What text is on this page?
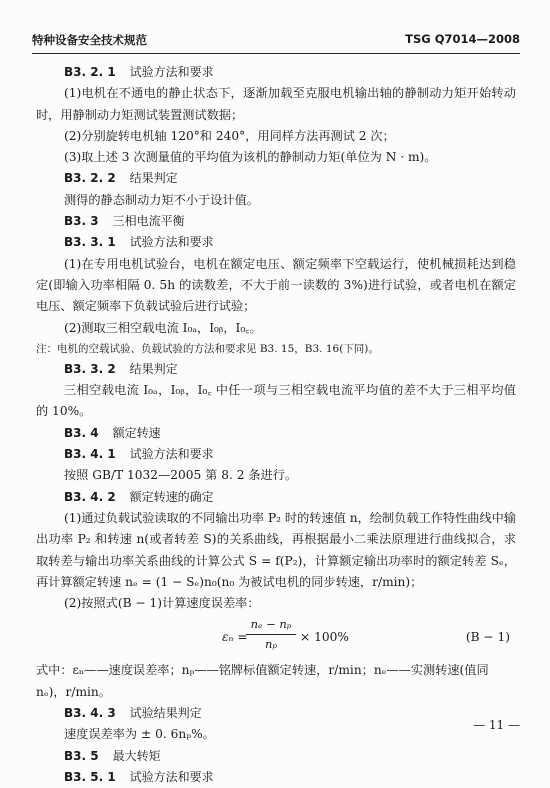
特种设备安全技术规范	TSG Q7014—2008
B3. 2. 1 试验方法和要求
(1)电机在不通电的静止状态下，逐渐加载至克服电机输出轴的静制动力矩开始转动时，用静制动力矩测试装置测试数据；
(2)分别旋转电机轴 120°和 240°，用同样方法再测试 2 次；
(3)取上述 3 次测量值的平均值为该机的静制动力矩(单位为 N · m)。
B3. 2. 2 结果判定
测得的静态制动力矩不小于设计值。
B3. 3 三相电流平衡
B3. 3. 1 试验方法和要求
(1)在专用电机试验台，电机在额定电压、额定频率下空载运行，使机械损耗达到稳定(即输入功率相隔 0. 5h 的读数差，不大于前一读数的 3%)进行试验，或者电机在额定电压、额定频率下负载试验后进行试验；
(2)测取三相空载电流 I₀ₐ，I₀ᵦ，I₀꜀。
注：电机的空载试验、负载试验的方法和要求见 B3. 15，B3. 16(下同)。
B3. 3. 2 结果判定
三相空载电流 I₀ₐ，I₀ᵦ，I₀꜀ 中任一项与三相空载电流平均值的差不大于三相平均值的 10%。
B3. 4 额定转速
B3. 4. 1 试验方法和要求
按照 GB/T 1032—2005 第 8. 2 条进行。
B3. 4. 2 额定转速的确定
(1)通过负载试验读取的不同输出功率 P₂ 时的转速值 n，绘制负载工作特性曲线中输出功率 P₂ 和转速 n(或者转差 S)的关系曲线，再根据最小二乘法原理进行曲线拟合，求取转差与输出功率关系曲线的计算公式 S = f(P₂)，计算额定输出功率时的额定转差 Sₑ，再计算额定转速 nₑ = (1 − Sₑ)n₀(n₀ 为被试电机的同步转速，r/min)；
(2)按照式(B − 1)计算速度误差率：
εₙ =
nₑ − nₚ
nₚ	× 100%	(B − 1)
式中：εₙ——速度误差率；nₚ——铭牌标值额定转速，r/min；nₑ——实测转速(值同 nₑ)，r/min。
B3. 4. 3 试验结果判定
速度误差率为 ± 0. 6nₚ%。
B3. 5 最大转矩
B3. 5. 1 试验方法和要求
— 11 —
